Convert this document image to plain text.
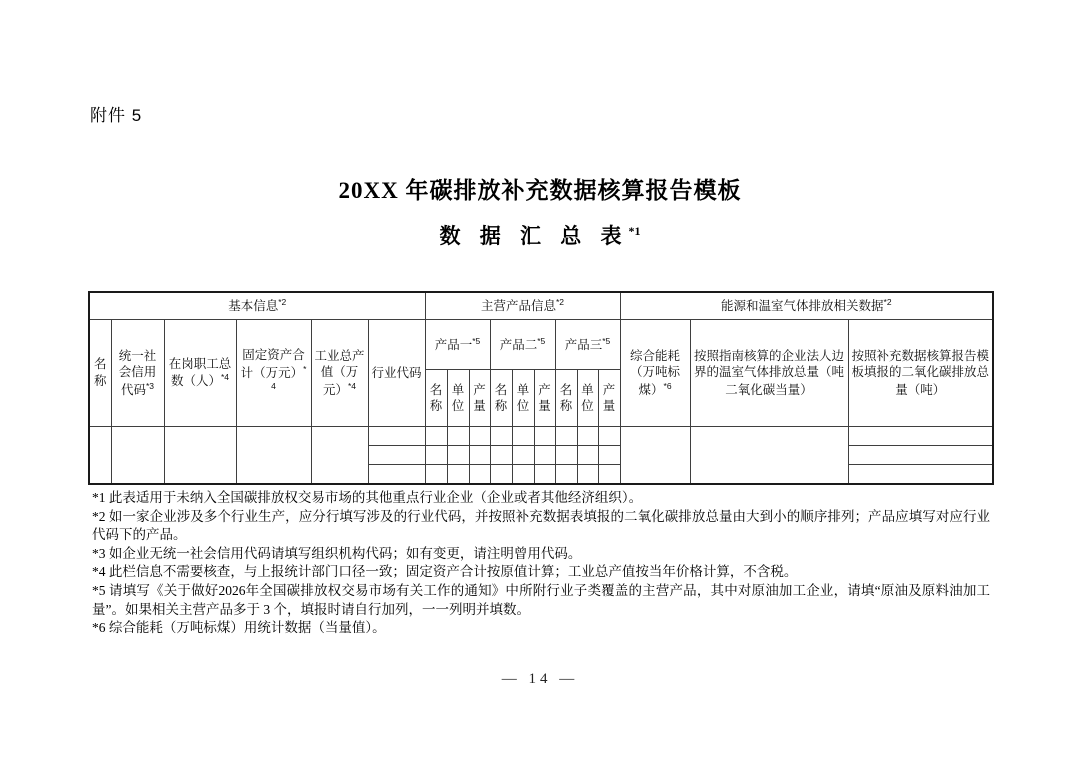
附件 5
20XX 年碳排放补充数据核算报告模板
数 据 汇 总 表$^{*1}$
基本信息$^{*2}$						主营产品信息$^{*2}$									能源和温室气体排放相关数据$^{*2}$
名称	统一社会信用代码$^{*3}$	在岗职工总数（人）$^{*4}$	固定资产合计（万元）$^{*4}$	工业总产值（万元）$^{*4}$	行业代码	产品一$^{*5}$			产品二$^{*5}$			产品三$^{*5}$			综合能耗（万吨标煤）$^{*6}$	按照指南核算的企业法人边界的温室气体排放总量（吨二氧化碳当量）	按照补充数据核算报告模板填报的二氧化碳排放总量（吨）
						名称	单位	产量	名称	单位	产量	名称	单位	产量			

*1 此表适用于未纳入全国碳排放权交易市场的其他重点行业企业（企业或者其他经济组织）。

*2 如一家企业涉及多个行业生产，应分行填写涉及的行业代码，并按照补充数据表填报的二氧化碳排放总量由大到小的顺序排列；产品应填写对应行业代码下的产品。

*3 如企业无统一社会信用代码请填写组织机构代码；如有变更，请注明曾用代码。

*4 此栏信息不需要核查，与上报统计部门口径一致；固定资产合计按原值计算；工业总产值按当年价格计算，不含税。

*5 请填写《关于做好2026年全国碳排放权交易市场有关工作的通知》中所附行业子类覆盖的主营产品，其中对原油加工企业，请填“原油及原料油加工量”。如果相关主营产品多于 3 个，填报时请自行加列，一一列明并填数。

*6 综合能耗（万吨标煤）用统计数据（当量值）。

— 14 —
